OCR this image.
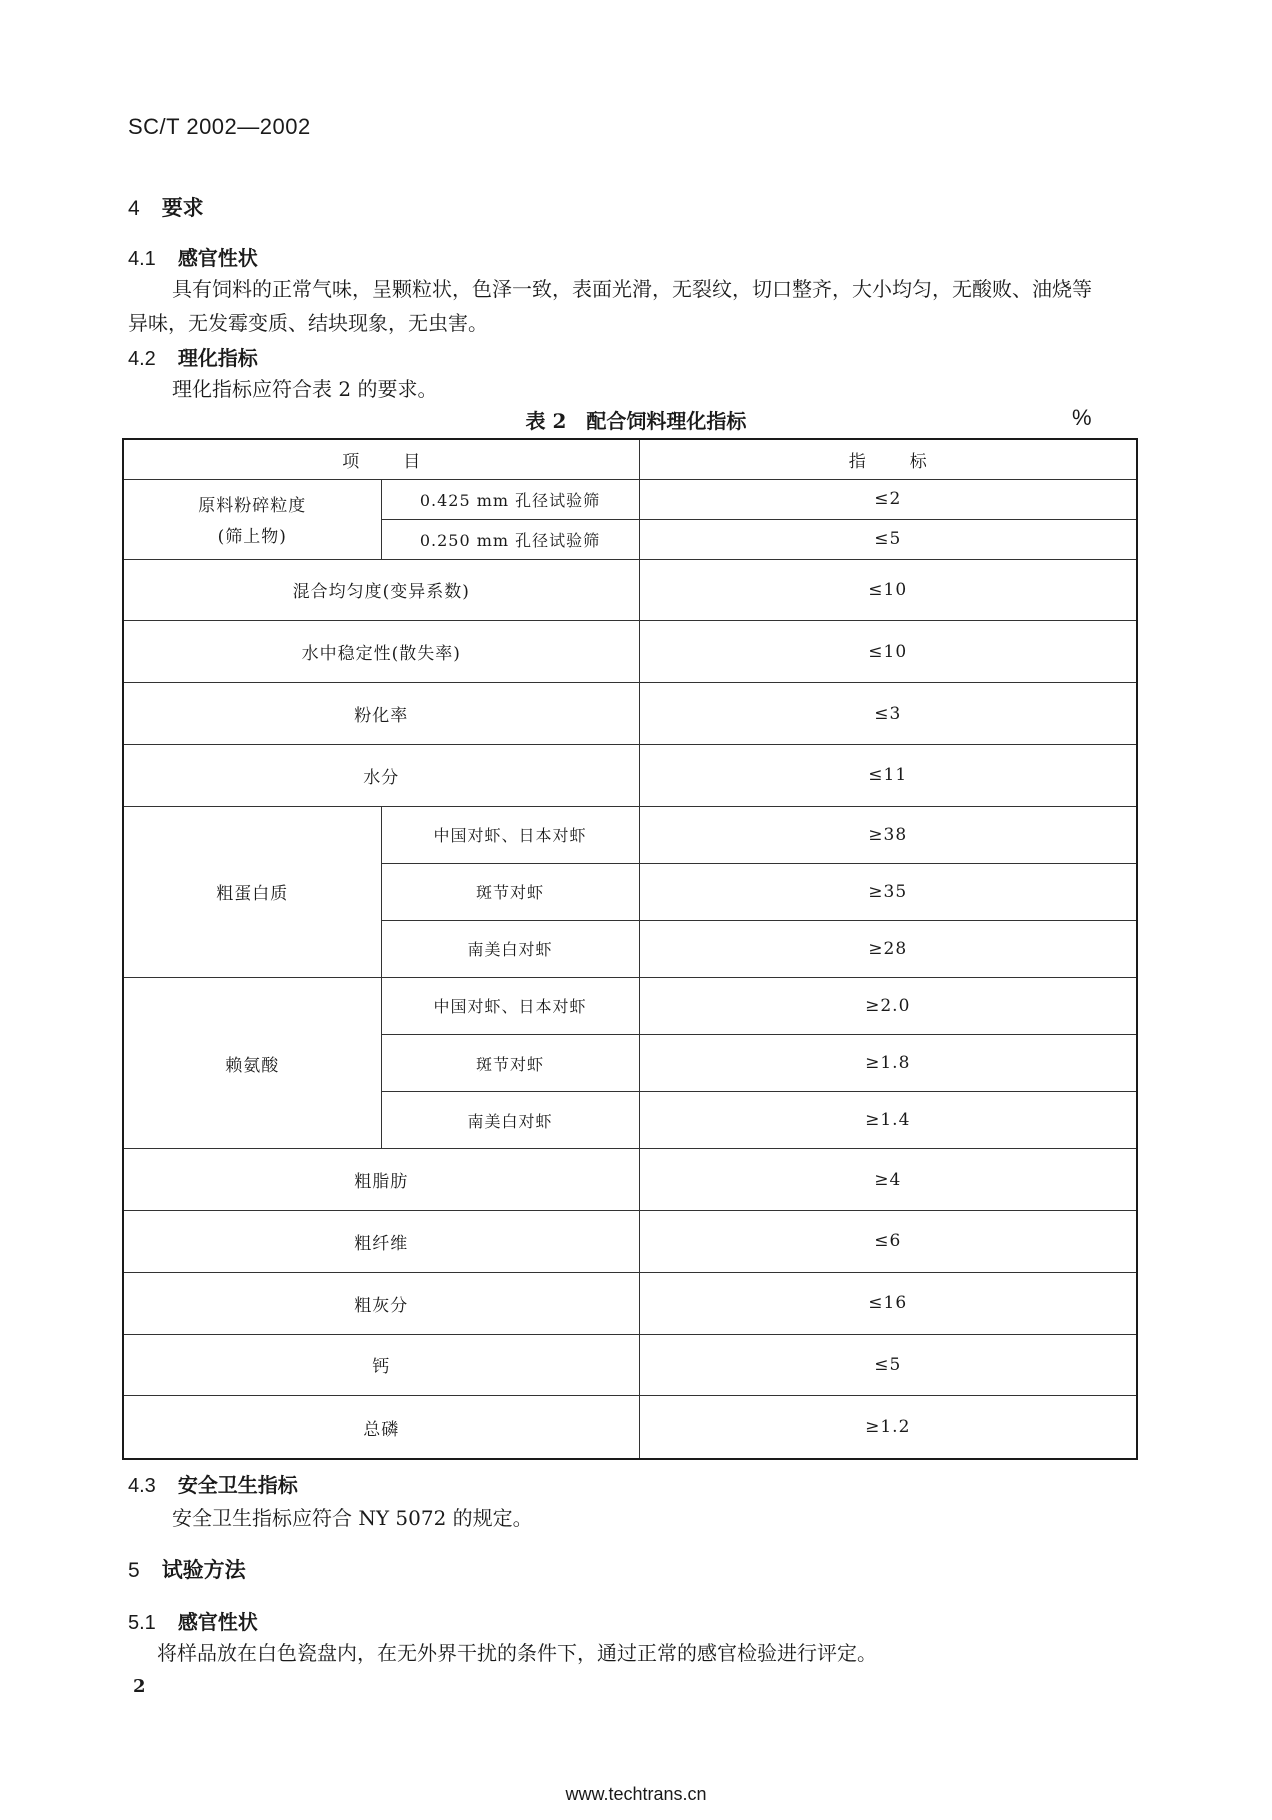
SC/T 2002—2002
4 要求
4.1 感官性状
具有饲料的正常气味，呈颗粒状，色泽一致，表面光滑，无裂纹，切口整齐，大小均匀，无酸败、油烧等
异味，无发霉变质、结块现象，无虫害。
4.2 理化指标
理化指标应符合表 2 的要求。
表 2　配合饲料理化指标	%
项目		指标

原料粉碎粒度
(筛上物)	0.425 mm 孔径试验筛	≤2
	0.250 mm 孔径试验筛	≤5
混合均匀度(变异系数)		≤10
水中稳定性(散失率)		≤10
粉化率		≤3
水分		≤11
粗蛋白质	中国对虾、日本对虾	≥38
	斑节对虾	≥35
	南美白对虾	≥28
赖氨酸	中国对虾、日本对虾	≥2.0
	斑节对虾	≥1.8
	南美白对虾	≥1.4
粗脂肪		≥4
粗纤维		≤6
粗灰分		≤16
钙		≤5
总磷		≥1.2
4.3 安全卫生指标
安全卫生指标应符合 NY 5072 的规定。
5 试验方法
5.1 感官性状
将样品放在白色瓷盘内，在无外界干扰的条件下，通过正常的感官检验进行评定。
2
www.techtrans.cn
